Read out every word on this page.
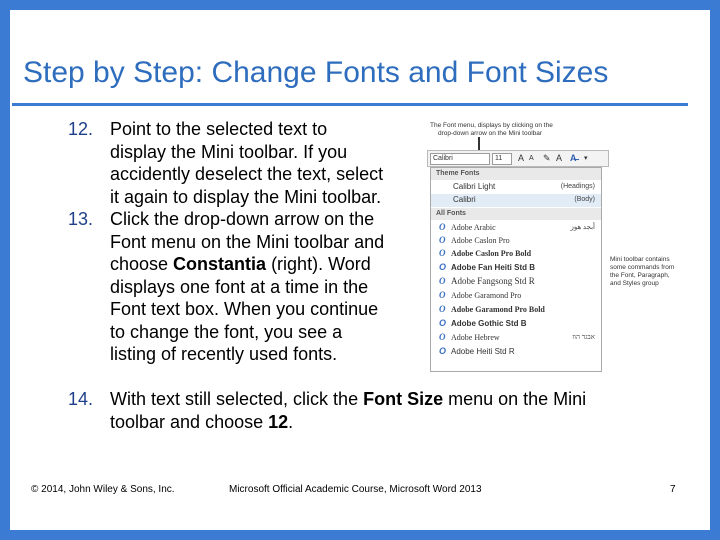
Step by Step: Change Fonts and Font Sizes
12. Point to the selected text to
display the Mini toolbar. If you
accidently deselect the text, select
it again to display the Mini toolbar.
13. Click the drop-down arrow on the
Font menu on the Mini toolbar and
choose Constantia (right). Word
displays one font at a time in the
Font text box. When you continue
to change the font, you see a
listing of recently used fonts.
14. With text still selected, click the Font Size menu on the Mini
toolbar and choose 12.
The Font menu, displays by clicking on the
drop-down arrow on the Mini toolbar
Mini toolbar contains
some commands from
the Font, Paragraph,
and Styles group
Calibri	11	A A ✎ A A̶ ▾
Theme Fonts
Calibri Light	(Headings)
Calibri	(Body)
All Fonts
O Adobe Arabic	أبجد هوز
O Adobe Caslon Pro
O Adobe Caslon Pro Bold
O Adobe Fan Heiti Std B
O Adobe Fangsong Std R
O Adobe Garamond Pro
O Adobe Garamond Pro Bold
O Adobe Gothic Std B
O Adobe Hebrew	אבגד הוז
O Adobe Heiti Std R
© 2014, John Wiley & Sons, Inc.	Microsoft Official Academic Course, Microsoft Word 2013	7
